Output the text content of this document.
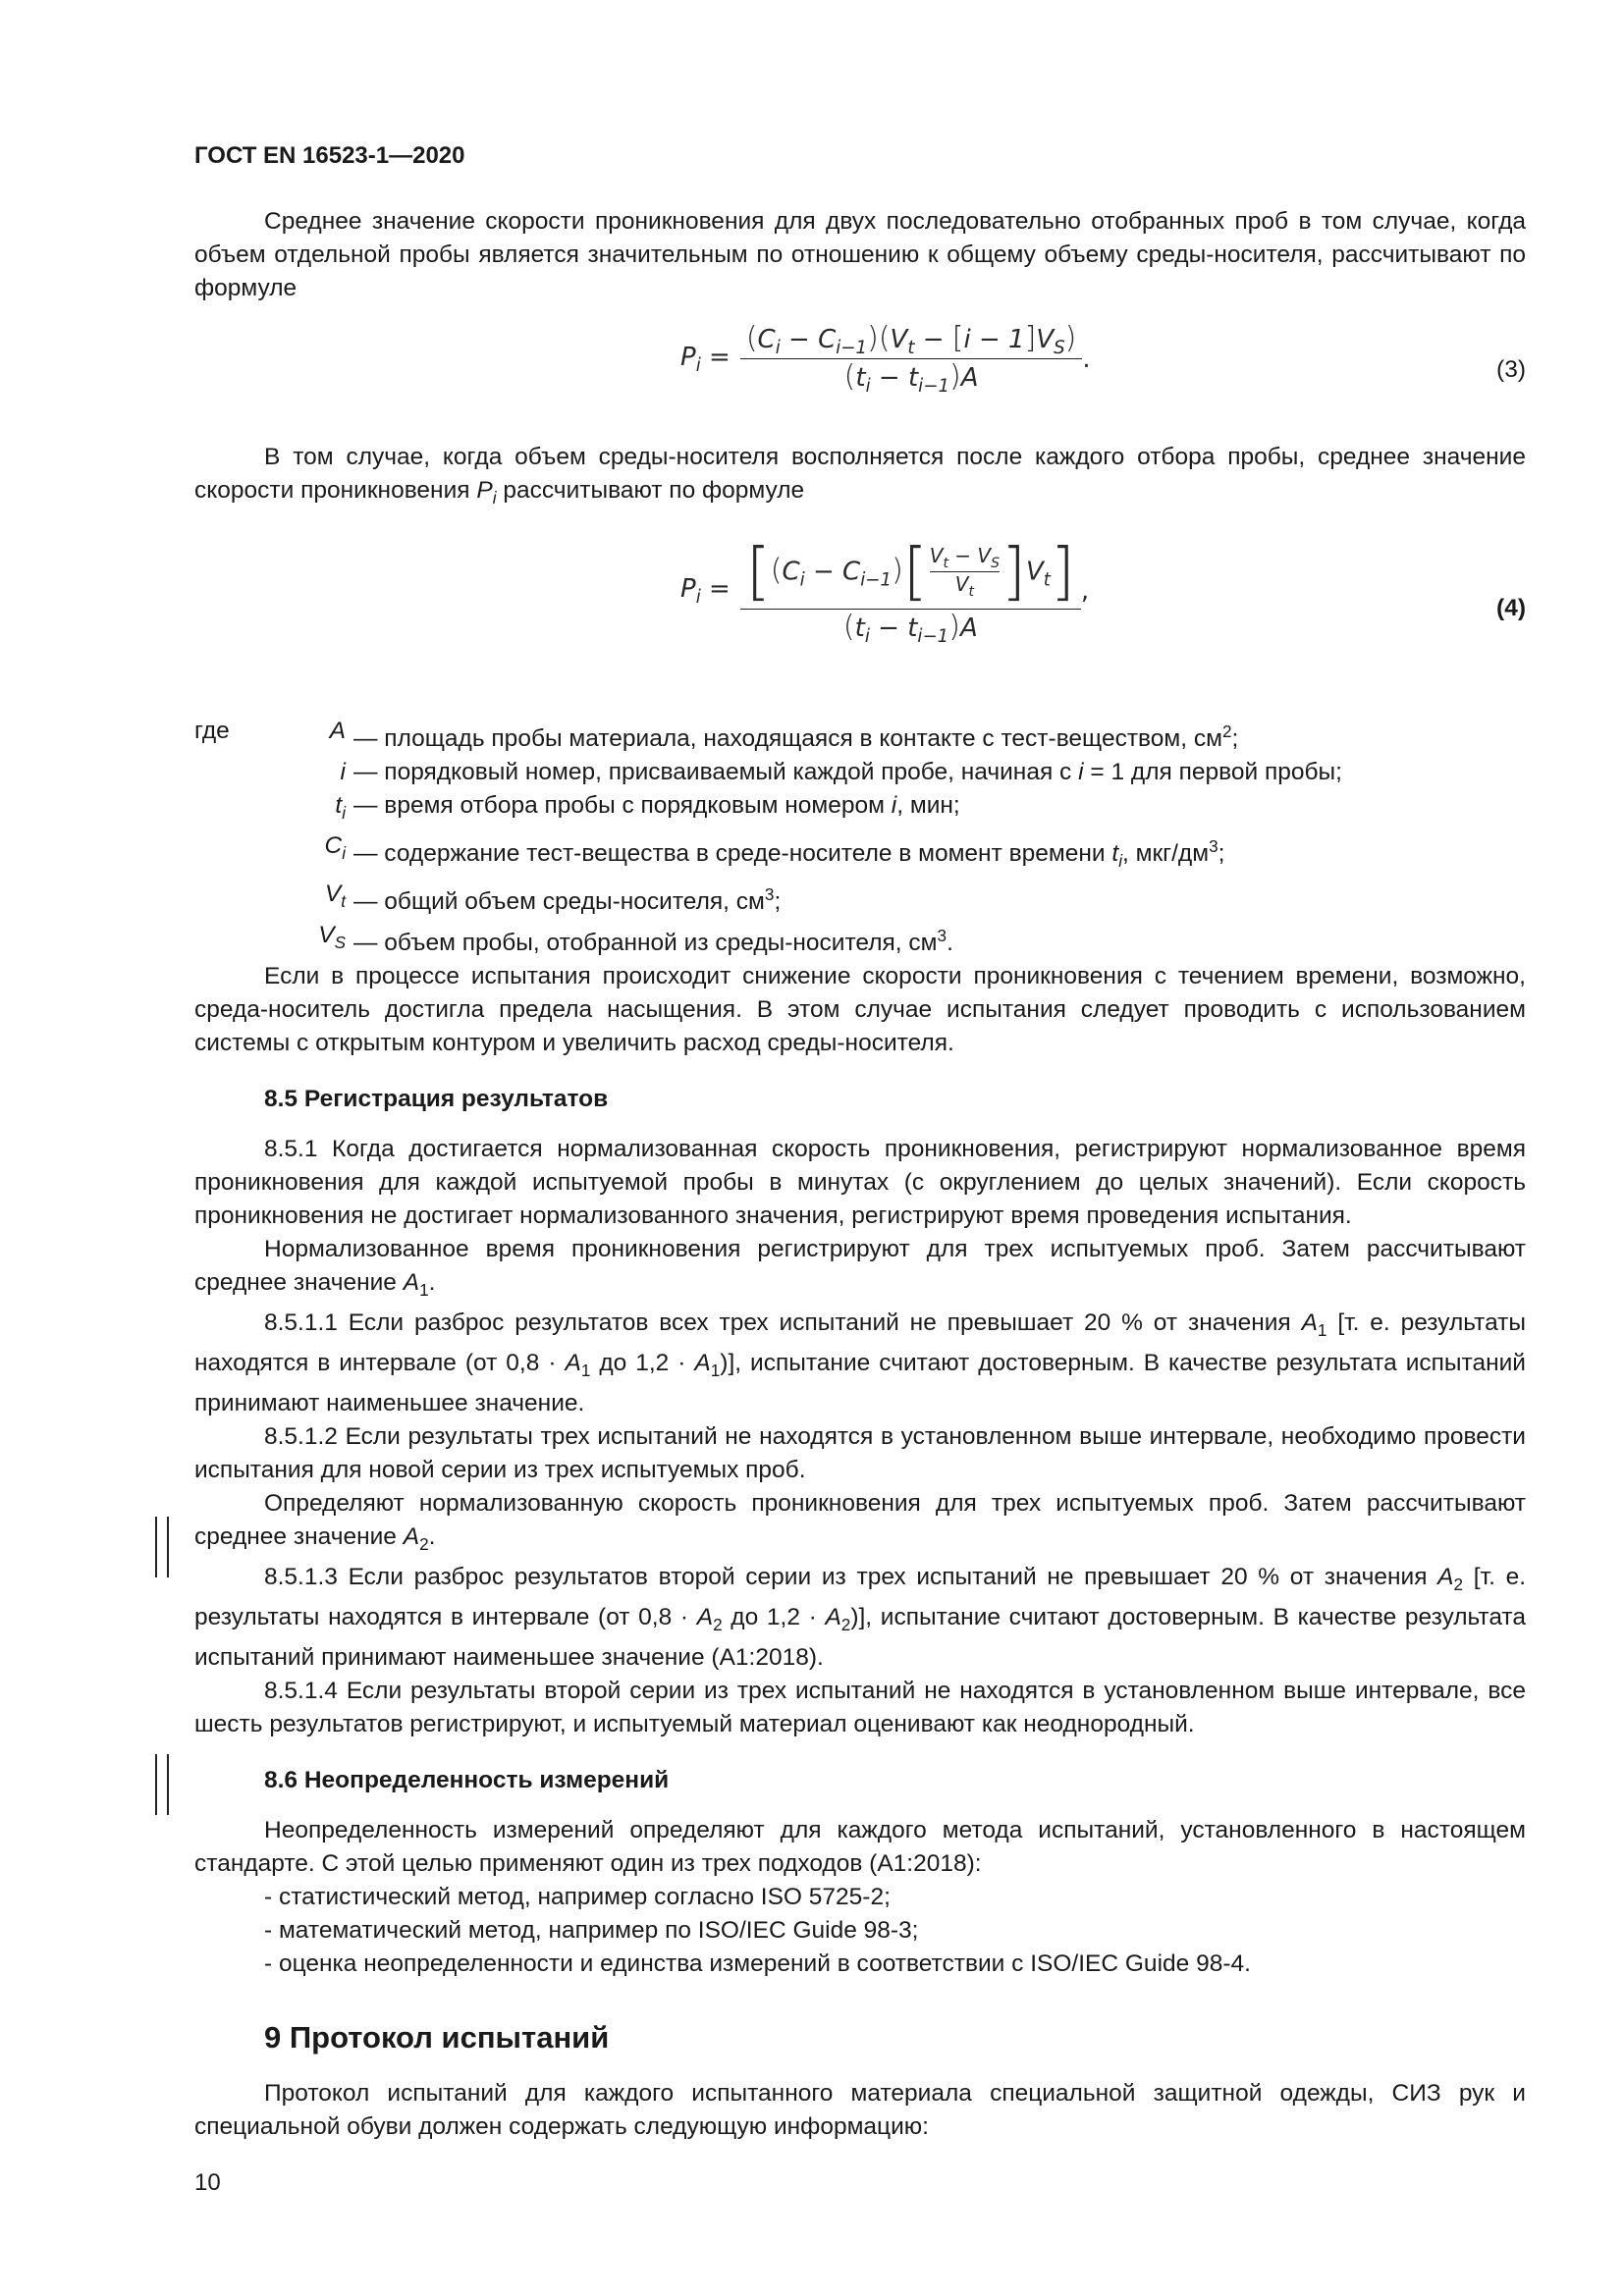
ГОСТ EN 16523-1—2020

Среднее значение скорости проникновения для двух последовательно отобранных проб в том случае, когда объем отдельной пробы является значительным по отношению к общему объему среды-носителя, рассчитывают по формуле

$P_i = \frac{(C_i - C_{i-1})(V_t - [i - 1]V_S)}{(t_i - t_{i-1})A}$ .	(3)

В том случае, когда объем среды-носителя восполняется после каждого отбора пробы, среднее значение скорости проникновения $P_i$ рассчитывают по формуле

$P_i = \frac{[(C_i - C_{i-1})[ \frac{V_t - V_S}{V_t} ]V_t]}{(t_i - t_{i-1})A}$ ,
(4)
где	A — площадь пробы материала, находящаяся в контакте с тест-веществом, $см^2$;
i — порядковый номер, присваиваемый каждой пробе, начиная с i = 1 для первой пробы;
$t_i$ — время отбора пробы с порядковым номером i, мин;
$C_i$ — содержание тест-вещества в среде-носителе в момент времени $t_i$, мкг/$дм^3$;
$V_t$ — общий объем среды-носителя, $см^3$;
$V_S$ — объем пробы, отобранной из среды-носителя, $см^3$.

Если в процессе испытания происходит снижение скорости проникновения с течением времени, возможно, среда-носитель достигла предела насыщения. В этом случае испытания следует проводить с использованием системы с открытым контуром и увеличить расход среды-носителя.

8.5 Регистрация результатов

8.5.1 Когда достигается нормализованная скорость проникновения, регистрируют нормализованное время проникновения для каждой испытуемой пробы в минутах (с округлением до целых значений). Если скорость проникновения не достигает нормализованного значения, регистрируют время проведения испытания.

Нормализованное время проникновения регистрируют для трех испытуемых проб. Затем рассчитывают среднее значение $A_1$.

8.5.1.1 Если разброс результатов всех трех испытаний не превышает 20 % от значения $A_1$ [т. е. результаты находятся в интервале (от $0,8 \cdot A_1$ до $1,2 \cdot A_1$)], испытание считают достоверным. В качестве результата испытаний принимают наименьшее значение.

8.5.1.2 Если результаты трех испытаний не находятся в установленном выше интервале, необходимо провести испытания для новой серии из трех испытуемых проб.

Определяют нормализованную скорость проникновения для трех испытуемых проб. Затем рассчитывают среднее значение $A_2$.

8.5.1.3 Если разброс результатов второй серии из трех испытаний не превышает 20 % от значения $A_2$ [т. е. результаты находятся в интервале (от $0,8 \cdot A_2$ до $1,2 \cdot A_2$)], испытание считают достоверным. В качестве результата испытаний принимают наименьшее значение (A1:2018).

8.5.1.4 Если результаты второй серии из трех испытаний не находятся в установленном выше интервале, все шесть результатов регистрируют, и испытуемый материал оценивают как неоднородный.

8.6 Неопределенность измерений

Неопределенность измерений определяют для каждого метода испытаний, установленного в настоящем стандарте. С этой целью применяют один из трех подходов (A1:2018):

- статистический метод, например согласно ISO 5725-2;

- математический метод, например по ISO/IEC Guide 98-3;

- оценка неопределенности и единства измерений в соответствии с ISO/IEC Guide 98-4.

9 Протокол испытаний

Протокол испытаний для каждого испытанного материала специальной защитной одежды, СИЗ рук и специальной обуви должен содержать следующую информацию:

10
